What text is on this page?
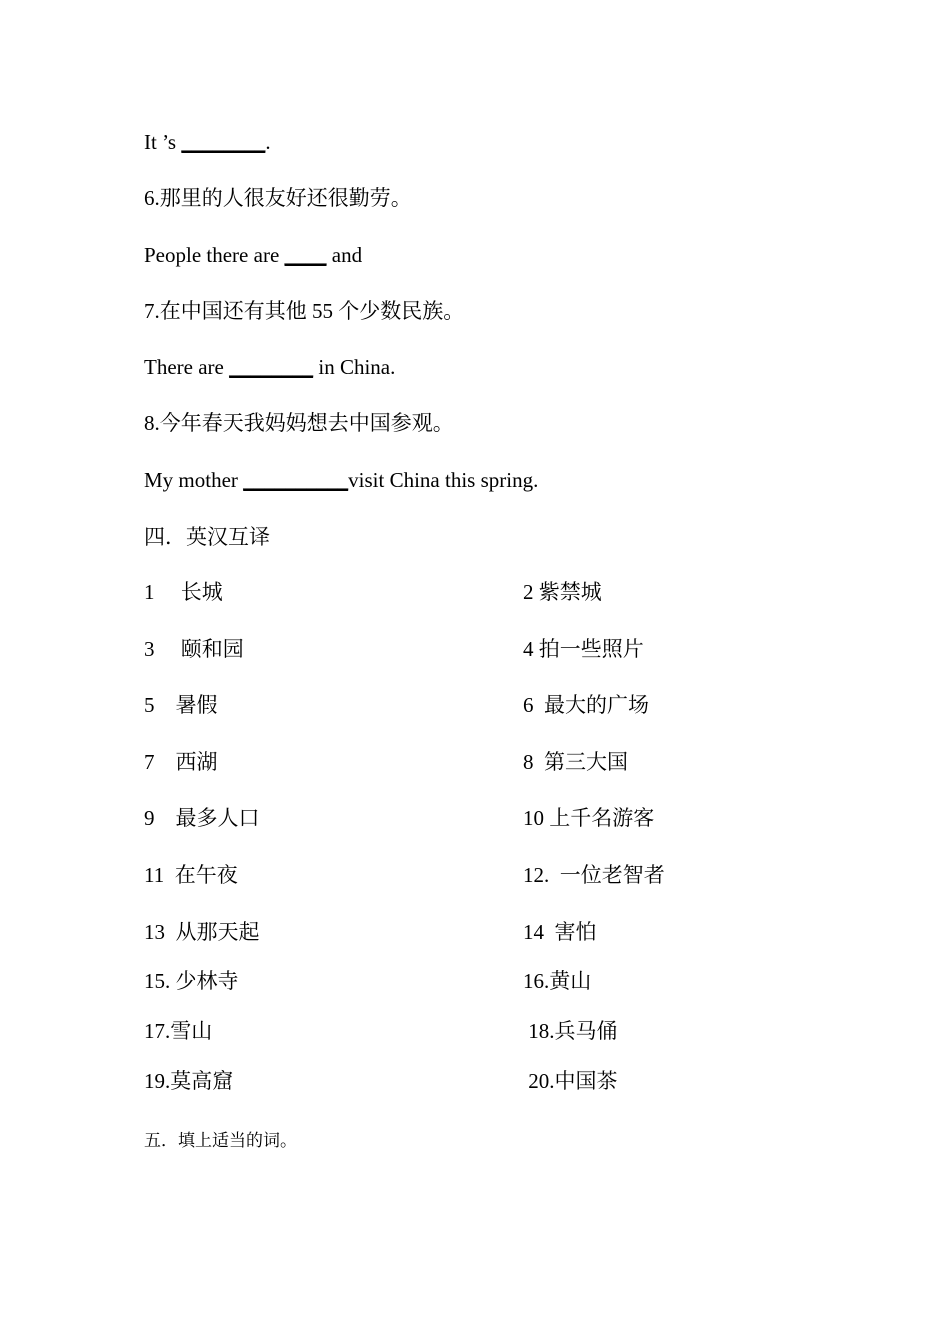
It ’s ________.
6.那里的人很友好还很勤劳。
People there are ____ and
7.在中国还有其他 55 个少数民族。
There are ________ in China.
8.今年春天我妈妈想去中国参观。
My mother __________visit China this spring.
四．英汉互译
1     长城	2 紫禁城
3     颐和园	4 拍一些照片
5    暑假	6  最大的广场
7    西湖	8  第三大国
9    最多人口	10 上千名游客
11  在午夜	12.  一位老智者
13  从那天起	14  害怕
15. 少林寺	16.黄山
17.雪山	18.兵马俑
19.莫高窟	20.中国茶
五．填上适当的词。
